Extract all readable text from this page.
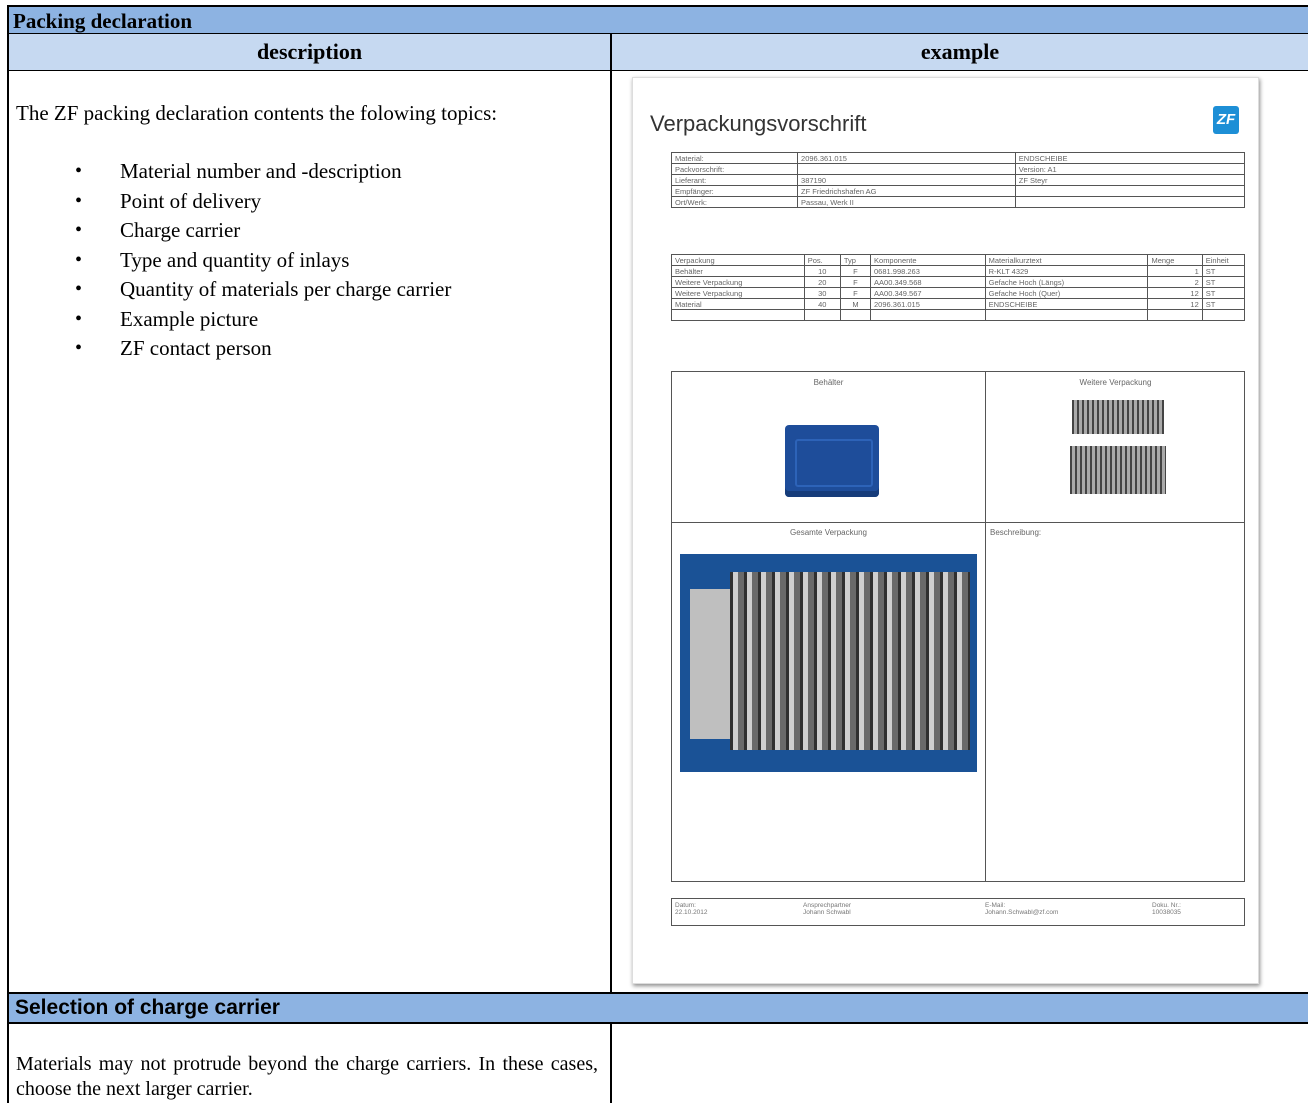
Packing declaration
description	example
The ZF packing declaration contents the folowing topics:
• Material number and -description
• Point of delivery
• Charge carrier
• Type and quantity of inlays
• Quantity of materials per charge carrier
• Example picture
• ZF contact person
Verpackungsvorschrift	ZF
Material:	2096.361.015	ENDSCHEIBE
Packvorschrift:		Version: A1
Lieferant:	387190	ZF Steyr
Empfänger:	ZF Friedrichshafen AG	
Ort/Werk:	Passau, Werk II	
Verpackung	Pos.	Typ	Komponente	Materialkurztext	Menge	Einheit
Behälter	10	F	0681.998.263	R-KLT 4329	1	ST
Weitere Verpackung	20	F	AA00.349.568	Gefache Hoch (Längs)	2	ST
Weitere Verpackung	30	F	AA00.349.567	Gefache Hoch (Quer)	12	ST
Material	40	M	2096.361.015	ENDSCHEIBE	12	ST

Behälter	Weitere Verpackung
Gesamte Verpackung	Beschreibung:
Datum:
22.10.2012
Ansprechpartner
Johann Schwabl
E-Mail:
Johann.Schwabl@zf.com
Doku. Nr.:
10038035
Selection of charge carrier
Materials may not protrude beyond the charge carriers. In these cases, choose the next larger carrier.
